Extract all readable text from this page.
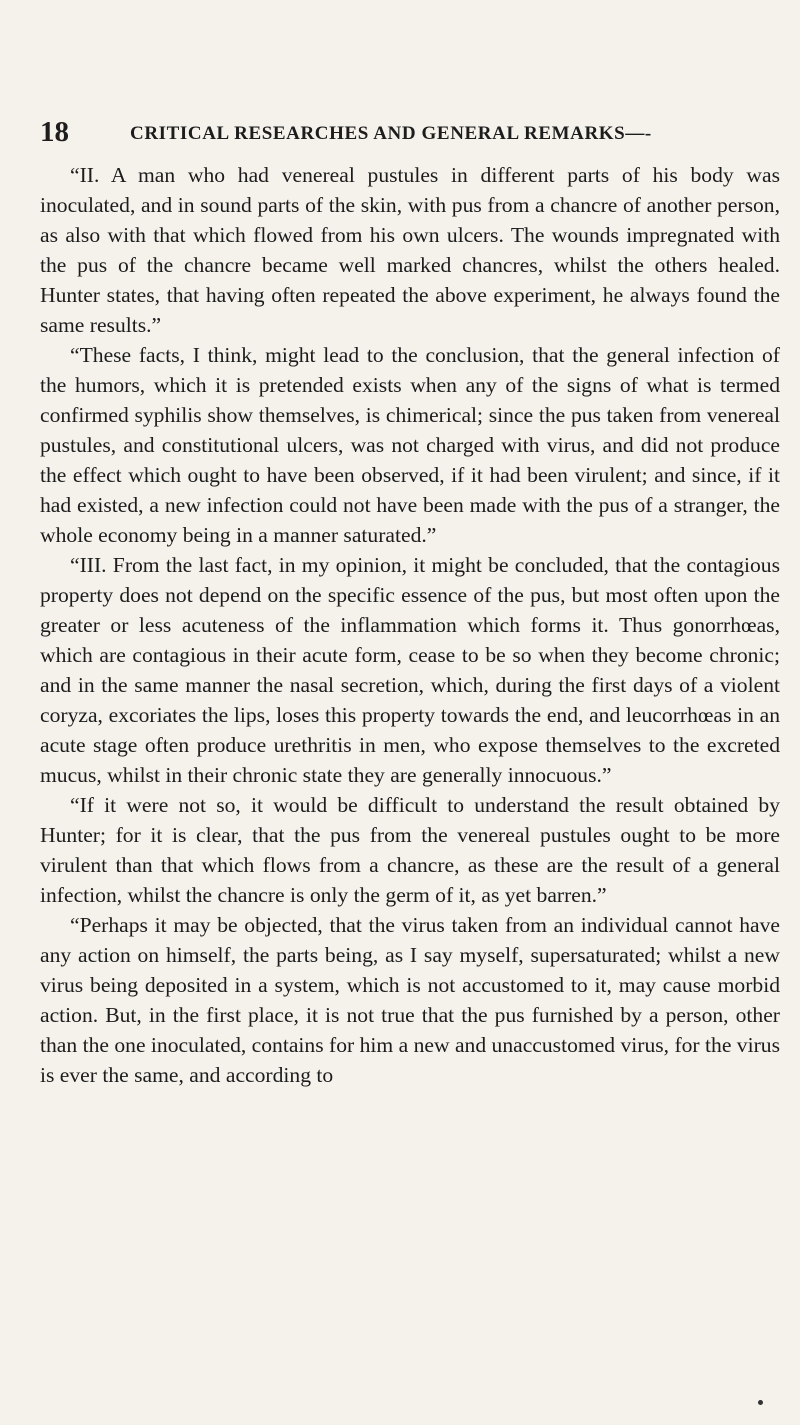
18	CRITICAL RESEARCHES AND GENERAL REMARKS—-

“II. A man who had venereal pustules in different parts of his body was inoculated, and in sound parts of the skin, with pus from a chancre of another person, as also with that which flowed from his own ulcers. The wounds impregnated with the pus of the chancre became well marked chancres, whilst the others healed. Hunter states, that having often repeated the above experiment, he always found the same results.”

“These facts, I think, might lead to the conclusion, that the general infection of the humors, which it is pretended exists when any of the signs of what is termed confirmed syphilis show themselves, is chimerical; since the pus taken from venereal pustules, and constitutional ulcers, was not charged with virus, and did not produce the effect which ought to have been observed, if it had been virulent; and since, if it had existed, a new infection could not have been made with the pus of a stranger, the whole economy being in a manner saturated.”

“III. From the last fact, in my opinion, it might be concluded, that the contagious property does not depend on the specific essence of the pus, but most often upon the greater or less acuteness of the inflammation which forms it. Thus gonorrhœas, which are contagious in their acute form, cease to be so when they become chronic; and in the same manner the nasal secretion, which, during the first days of a violent coryza, excoriates the lips, loses this property towards the end, and leucorrhœas in an acute stage often produce urethritis in men, who expose themselves to the excreted mucus, whilst in their chronic state they are generally innocuous.”

“If it were not so, it would be difficult to understand the result obtained by Hunter; for it is clear, that the pus from the venereal pustules ought to be more virulent than that which flows from a chancre, as these are the result of a general infection, whilst the chancre is only the germ of it, as yet barren.”

“Perhaps it may be objected, that the virus taken from an individual cannot have any action on himself, the parts being, as I say myself, supersaturated; whilst a new virus being deposited in a system, which is not accustomed to it, may cause morbid action. But, in the first place, it is not true that the pus furnished by a person, other than the one inoculated, contains for him a new and unaccustomed virus, for the virus is ever the same, and according to
